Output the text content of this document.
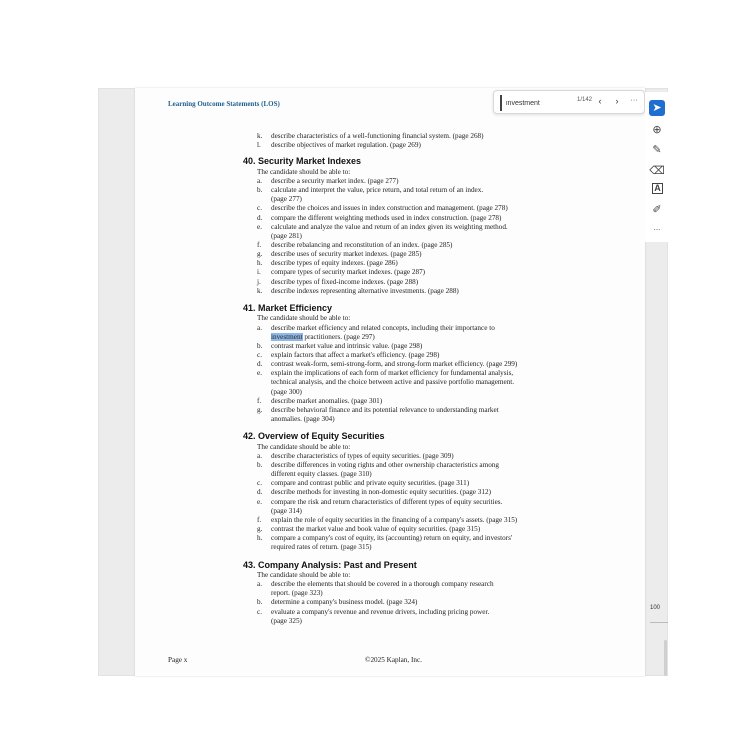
Learning Outcome Statements (LOS)
k. describe characteristics of a well-functioning financial system. (page 268)
l. describe objectives of market regulation. (page 269)
40. Security Market Indexes
The candidate should be able to:
a. describe a security market index. (page 277)
b. calculate and interpret the value, price return, and total return of an index.
(page 277)
c. describe the choices and issues in index construction and management. (page 278)
d. compare the different weighting methods used in index construction. (page 278)
e. calculate and analyze the value and return of an index given its weighting method.
(page 281)
f. describe rebalancing and reconstitution of an index. (page 285)
g. describe uses of security market indexes. (page 285)
h. describe types of equity indexes. (page 286)
i. compare types of security market indexes. (page 287)
j. describe types of fixed-income indexes. (page 288)
k. describe indexes representing alternative investments. (page 288)
41. Market Efficiency
The candidate should be able to:
a. describe market efficiency and related concepts, including their importance to
investment practitioners. (page 297)
b. contrast market value and intrinsic value. (page 298)
c. explain factors that affect a market's efficiency. (page 298)
d. contrast weak-form, semi-strong-form, and strong-form market efficiency. (page 299)
e. explain the implications of each form of market efficiency for fundamental analysis,
technical analysis, and the choice between active and passive portfolio management.
(page 300)
f. describe market anomalies. (page 301)
g. describe behavioral finance and its potential relevance to understanding market
anomalies. (page 304)
42. Overview of Equity Securities
The candidate should be able to:
a. describe characteristics of types of equity securities. (page 309)
b. describe differences in voting rights and other ownership characteristics among
different equity classes. (page 310)
c. compare and contrast public and private equity securities. (page 311)
d. describe methods for investing in non-domestic equity securities. (page 312)
e. compare the risk and return characteristics of different types of equity securities.
(page 314)
f. explain the role of equity securities in the financing of a company's assets. (page 315)
g. contrast the market value and book value of equity securities. (page 315)
h. compare a company's cost of equity, its (accounting) return on equity, and investors'
required rates of return. (page 315)
43. Company Analysis: Past and Present
The candidate should be able to:
a. describe the elements that should be covered in a thorough company research
report. (page 323)
b. determine a company's business model. (page 324)
c. evaluate a company's revenue and revenue drivers, including pricing power.
(page 325)
Page x	©2025 Kaplan, Inc.
investment
1/142 ‹	›	···
➤
⊕
✎
⌫
A
✐
···
100
